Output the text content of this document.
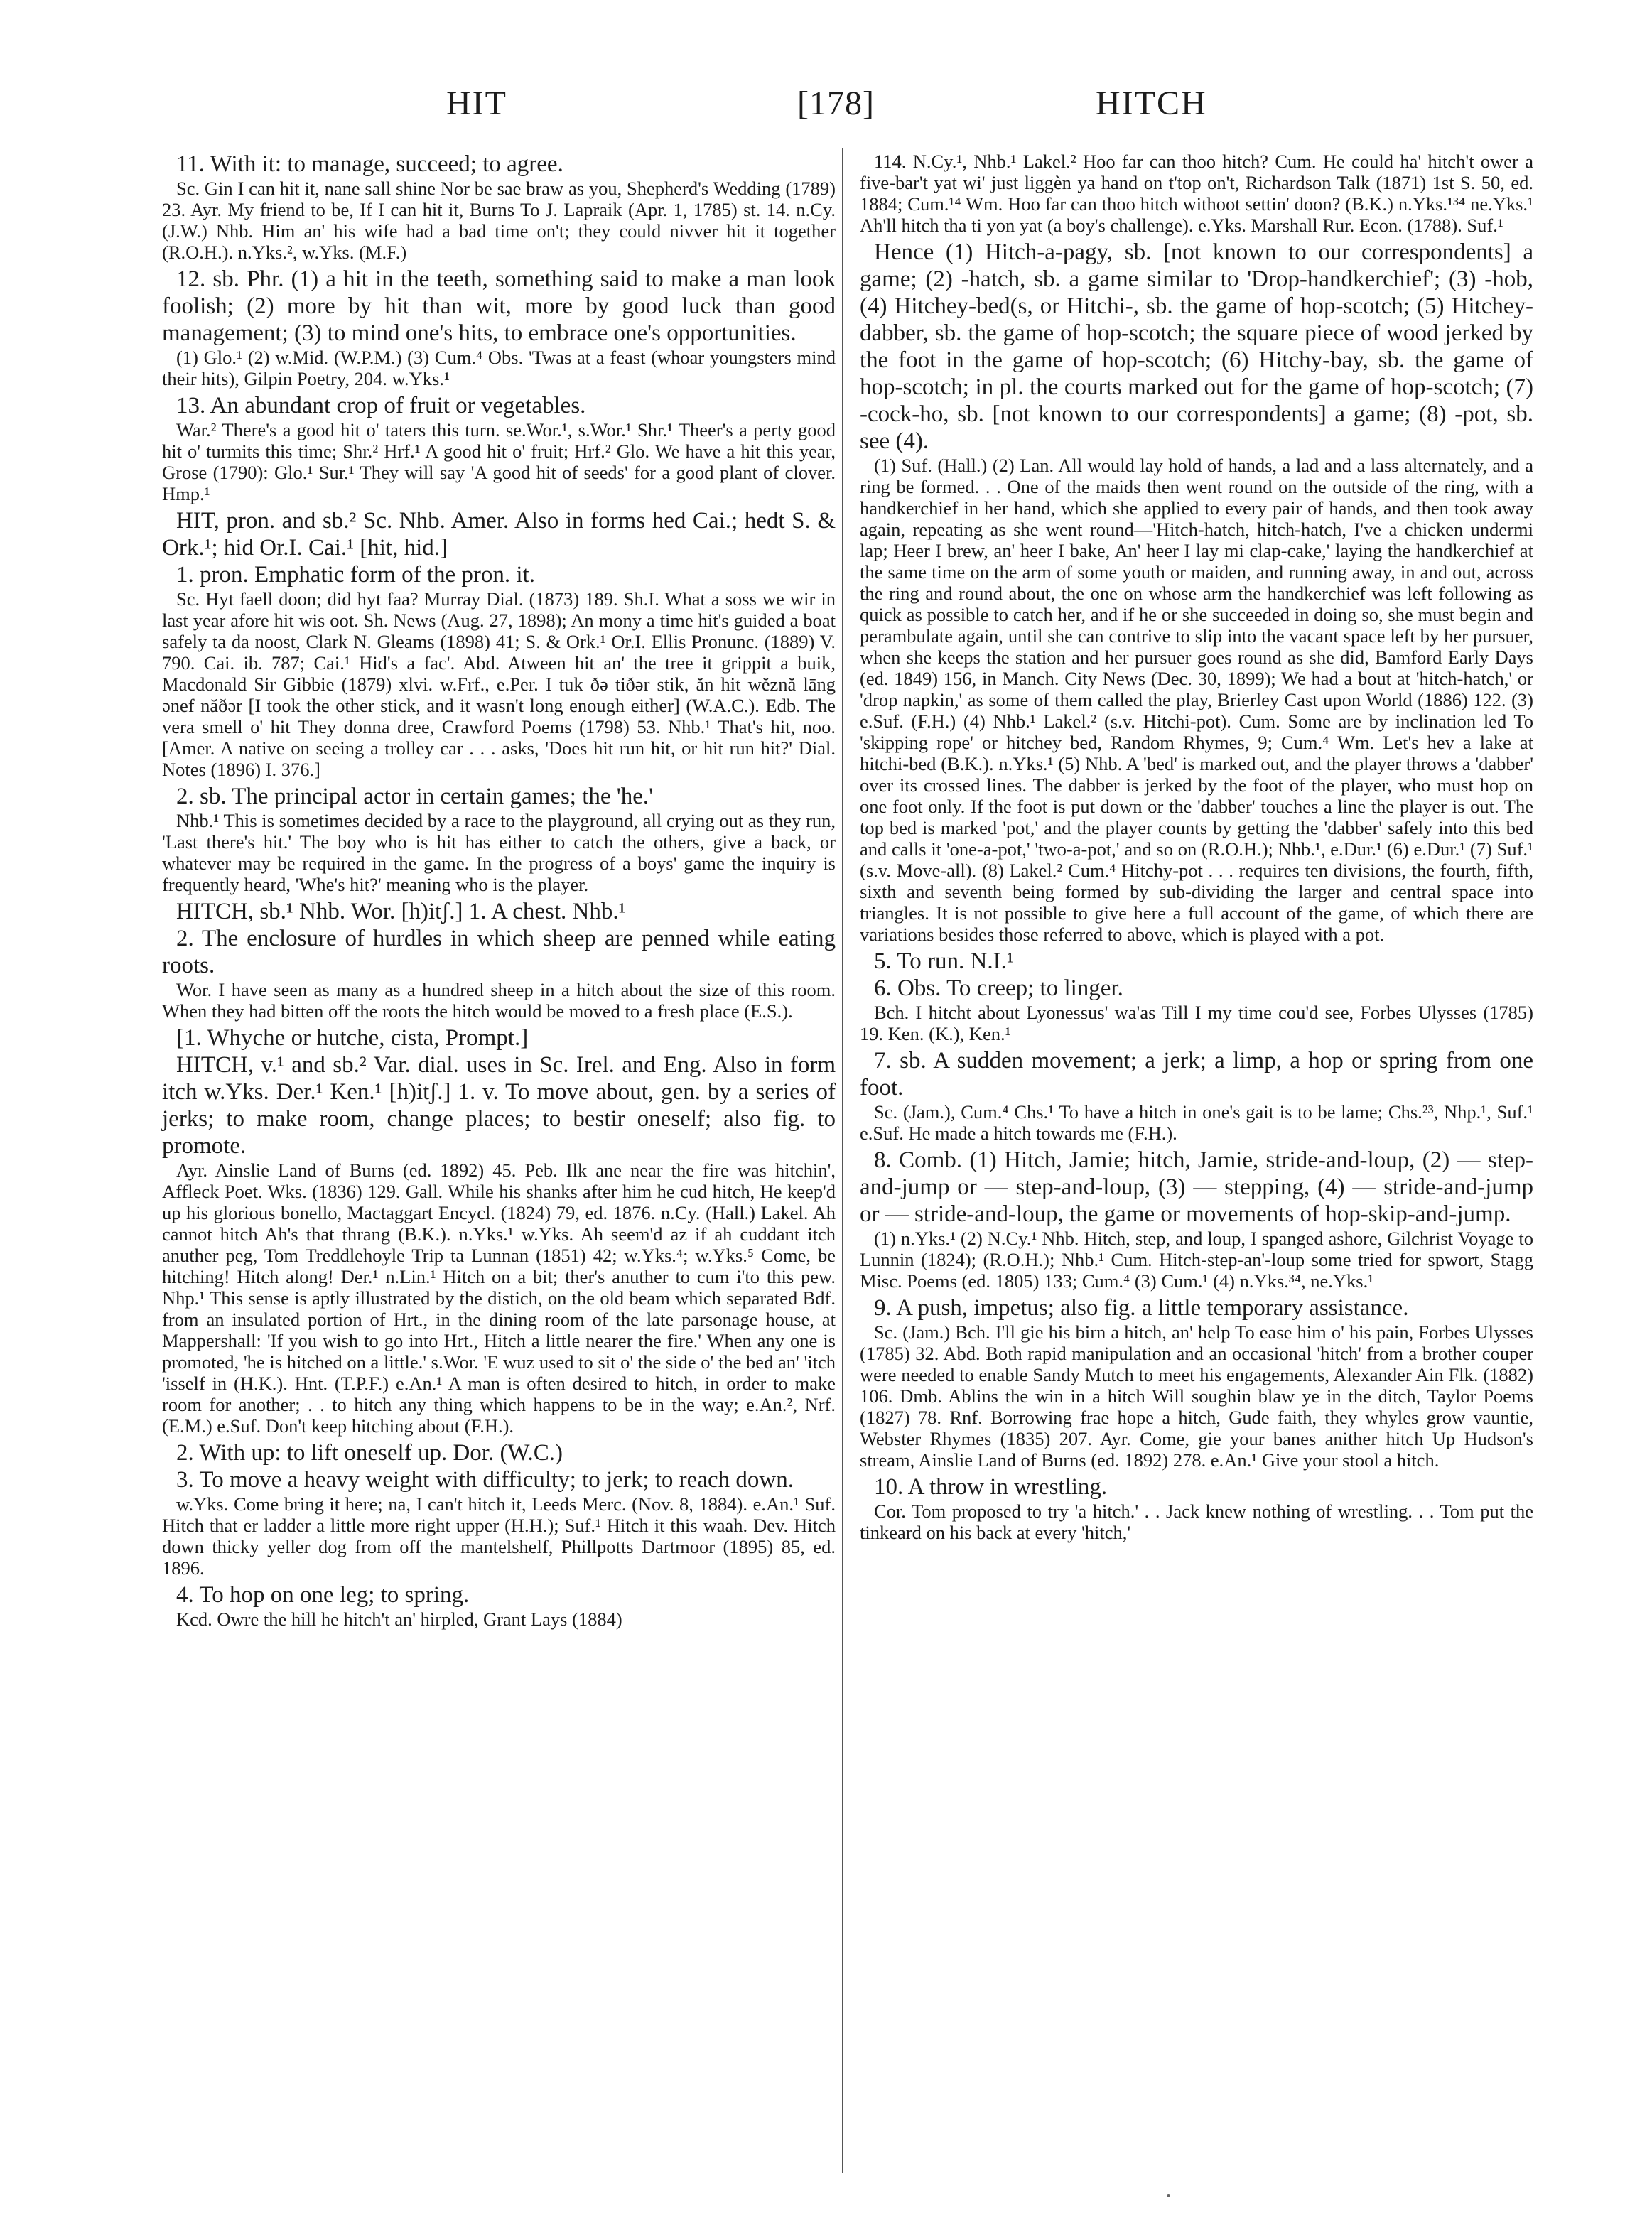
HIT	[178]	HITCH

11. With it: to manage, succeed; to agree.

Sc. Gin I can hit it, nane sall shine Nor be sae braw as you, Shepherd's Wedding (1789) 23. Ayr. My friend to be, If I can hit it, Burns To J. Lapraik (Apr. 1, 1785) st. 14. n.Cy. (J.W.) Nhb. Him an' his wife had a bad time on't; they could nivver hit it together (R.O.H.). n.Yks.², w.Yks. (M.F.)

12. sb. Phr. (1) a hit in the teeth, something said to make a man look foolish; (2) more by hit than wit, more by good luck than good management; (3) to mind one's hits, to embrace one's opportunities.

(1) Glo.¹ (2) w.Mid. (W.P.M.) (3) Cum.⁴ Obs. 'Twas at a feast (whoar youngsters mind their hits), Gilpin Poetry, 204. w.Yks.¹

13. An abundant crop of fruit or vegetables.

War.² There's a good hit o' taters this turn. se.Wor.¹, s.Wor.¹ Shr.¹ Theer's a perty good hit o' turmits this time; Shr.² Hrf.¹ A good hit o' fruit; Hrf.² Glo. We have a hit this year, Grose (1790): Glo.¹ Sur.¹ They will say 'A good hit of seeds' for a good plant of clover. Hmp.¹

HIT, pron. and sb.² Sc. Nhb. Amer. Also in forms hed Cai.; hedt S. & Ork.¹; hid Or.I. Cai.¹ [hit, hid.]

1. pron. Emphatic form of the pron. it.

Sc. Hyt faell doon; did hyt faa? Murray Dial. (1873) 189. Sh.I. What a soss we wir in last year afore hit wis oot. Sh. News (Aug. 27, 1898); An mony a time hit's guided a boat safely ta da noost, Clark N. Gleams (1898) 41; S. & Ork.¹ Or.I. Ellis Pronunc. (1889) V. 790. Cai. ib. 787; Cai.¹ Hid's a fac'. Abd. Atween hit an' the tree it grippit a buik, Macdonald Sir Gibbie (1879) xlvi. w.Frf., e.Per. I tuk ðə tiðər stik, ăn hit wĕznă lāng ənef năðər [I took the other stick, and it wasn't long enough either] (W.A.C.). Edb. The vera smell o' hit They donna dree, Crawford Poems (1798) 53. Nhb.¹ That's hit, noo. [Amer. A native on seeing a trolley car . . . asks, 'Does hit run hit, or hit run hit?' Dial. Notes (1896) I. 376.]

2. sb. The principal actor in certain games; the 'he.'

Nhb.¹ This is sometimes decided by a race to the playground, all crying out as they run, 'Last there's hit.' The boy who is hit has either to catch the others, give a back, or whatever may be required in the game. In the progress of a boys' game the inquiry is frequently heard, 'Whe's hit?' meaning who is the player.

HITCH, sb.¹ Nhb. Wor. [h)itʃ.] 1. A chest. Nhb.¹

2. The enclosure of hurdles in which sheep are penned while eating roots.

Wor. I have seen as many as a hundred sheep in a hitch about the size of this room. When they had bitten off the roots the hitch would be moved to a fresh place (E.S.).

[1. Whyche or hutche, cista, Prompt.]

HITCH, v.¹ and sb.² Var. dial. uses in Sc. Irel. and Eng. Also in form itch w.Yks. Der.¹ Ken.¹ [h)itʃ.] 1. v. To move about, gen. by a series of jerks; to make room, change places; to bestir oneself; also fig. to promote.

Ayr. Ainslie Land of Burns (ed. 1892) 45. Peb. Ilk ane near the fire was hitchin', Affleck Poet. Wks. (1836) 129. Gall. While his shanks after him he cud hitch, He keep'd up his glorious bonello, Mactaggart Encycl. (1824) 79, ed. 1876. n.Cy. (Hall.) Lakel. Ah cannot hitch Ah's that thrang (B.K.). n.Yks.¹ w.Yks. Ah seem'd az if ah cuddant itch anuther peg, Tom Treddlehoyle Trip ta Lunnan (1851) 42; w.Yks.⁴; w.Yks.⁵ Come, be hitching! Hitch along! Der.¹ n.Lin.¹ Hitch on a bit; ther's anuther to cum i'to this pew. Nhp.¹ This sense is aptly illustrated by the distich, on the old beam which separated Bdf. from an insulated portion of Hrt., in the dining room of the late parsonage house, at Mappershall: 'If you wish to go into Hrt., Hitch a little nearer the fire.' When any one is promoted, 'he is hitched on a little.' s.Wor. 'E wuz used to sit o' the side o' the bed an' 'itch 'isself in (H.K.). Hnt. (T.P.F.) e.An.¹ A man is often desired to hitch, in order to make room for another; . . to hitch any thing which happens to be in the way; e.An.², Nrf. (E.M.) e.Suf. Don't keep hitching about (F.H.).

2. With up: to lift oneself up. Dor. (W.C.)

3. To move a heavy weight with difficulty; to jerk; to reach down.

w.Yks. Come bring it here; na, I can't hitch it, Leeds Merc. (Nov. 8, 1884). e.An.¹ Suf. Hitch that er ladder a little more right upper (H.H.); Suf.¹ Hitch it this waah. Dev. Hitch down thicky yeller dog from off the mantelshelf, Phillpotts Dartmoor (1895) 85, ed. 1896.

4. To hop on one leg; to spring.

Kcd. Owre the hill he hitch't an' hirpled, Grant Lays (1884)

114. N.Cy.¹, Nhb.¹ Lakel.² Hoo far can thoo hitch? Cum. He could ha' hitch't ower a five-bar't yat wi' just liggèn ya hand on t'top on't, Richardson Talk (1871) 1st S. 50, ed. 1884; Cum.¹⁴ Wm. Hoo far can thoo hitch withoot settin' doon? (B.K.) n.Yks.¹³⁴ ne.Yks.¹ Ah'll hitch tha ti yon yat (a boy's challenge). e.Yks. Marshall Rur. Econ. (1788). Suf.¹

Hence (1) Hitch-a-pagy, sb. [not known to our correspondents] a game; (2) -hatch, sb. a game similar to 'Drop-handkerchief'; (3) -hob, (4) Hitchey-bed(s, or Hitchi-, sb. the game of hop-scotch; (5) Hitchey-dabber, sb. the game of hop-scotch; the square piece of wood jerked by the foot in the game of hop-scotch; (6) Hitchy-bay, sb. the game of hop-scotch; in pl. the courts marked out for the game of hop-scotch; (7) -cock-ho, sb. [not known to our correspondents] a game; (8) -pot, sb. see (4).

(1) Suf. (Hall.) (2) Lan. All would lay hold of hands, a lad and a lass alternately, and a ring be formed. . . One of the maids then went round on the outside of the ring, with a handkerchief in her hand, which she applied to every pair of hands, and then took away again, repeating as she went round—'Hitch-hatch, hitch-hatch, I've a chicken undermi lap; Heer I brew, an' heer I bake, An' heer I lay mi clap-cake,' laying the handkerchief at the same time on the arm of some youth or maiden, and running away, in and out, across the ring and round about, the one on whose arm the handkerchief was left following as quick as possible to catch her, and if he or she succeeded in doing so, she must begin and perambulate again, until she can contrive to slip into the vacant space left by her pursuer, when she keeps the station and her pursuer goes round as she did, Bamford Early Days (ed. 1849) 156, in Manch. City News (Dec. 30, 1899); We had a bout at 'hitch-hatch,' or 'drop napkin,' as some of them called the play, Brierley Cast upon World (1886) 122. (3) e.Suf. (F.H.) (4) Nhb.¹ Lakel.² (s.v. Hitchi-pot). Cum. Some are by inclination led To 'skipping rope' or hitchey bed, Random Rhymes, 9; Cum.⁴ Wm. Let's hev a lake at hitchi-bed (B.K.). n.Yks.¹ (5) Nhb. A 'bed' is marked out, and the player throws a 'dabber' over its crossed lines. The dabber is jerked by the foot of the player, who must hop on one foot only. If the foot is put down or the 'dabber' touches a line the player is out. The top bed is marked 'pot,' and the player counts by getting the 'dabber' safely into this bed and calls it 'one-a-pot,' 'two-a-pot,' and so on (R.O.H.); Nhb.¹, e.Dur.¹ (6) e.Dur.¹ (7) Suf.¹ (s.v. Move-all). (8) Lakel.² Cum.⁴ Hitchy-pot . . . requires ten divisions, the fourth, fifth, sixth and seventh being formed by sub-dividing the larger and central space into triangles. It is not possible to give here a full account of the game, of which there are variations besides those referred to above, which is played with a pot.

5. To run. N.I.¹

6. Obs. To creep; to linger.

Bch. I hitcht about Lyonessus' wa'as Till I my time cou'd see, Forbes Ulysses (1785) 19. Ken. (K.), Ken.¹

7. sb. A sudden movement; a jerk; a limp, a hop or spring from one foot.

Sc. (Jam.), Cum.⁴ Chs.¹ To have a hitch in one's gait is to be lame; Chs.²³, Nhp.¹, Suf.¹ e.Suf. He made a hitch towards me (F.H.).

8. Comb. (1) Hitch, Jamie; hitch, Jamie, stride-and-loup, (2) — step-and-jump or — step-and-loup, (3) — stepping, (4) — stride-and-jump or — stride-and-loup, the game or movements of hop-skip-and-jump.

(1) n.Yks.¹ (2) N.Cy.¹ Nhb. Hitch, step, and loup, I spanged ashore, Gilchrist Voyage to Lunnin (1824); (R.O.H.); Nhb.¹ Cum. Hitch-step-an'-loup some tried for spwort, Stagg Misc. Poems (ed. 1805) 133; Cum.⁴ (3) Cum.¹ (4) n.Yks.³⁴, ne.Yks.¹

9. A push, impetus; also fig. a little temporary assistance.

Sc. (Jam.) Bch. I'll gie his birn a hitch, an' help To ease him o' his pain, Forbes Ulysses (1785) 32. Abd. Both rapid manipulation and an occasional 'hitch' from a brother couper were needed to enable Sandy Mutch to meet his engagements, Alexander Ain Flk. (1882) 106. Dmb. Ablins the win in a hitch Will soughin blaw ye in the ditch, Taylor Poems (1827) 78. Rnf. Borrowing frae hope a hitch, Gude faith, they whyles grow vauntie, Webster Rhymes (1835) 207. Ayr. Come, gie your banes anither hitch Up Hudson's stream, Ainslie Land of Burns (ed. 1892) 278. e.An.¹ Give your stool a hitch.

10. A throw in wrestling.

Cor. Tom proposed to try 'a hitch.' . . Jack knew nothing of wrestling. . . Tom put the tinkeard on his back at every 'hitch,'
